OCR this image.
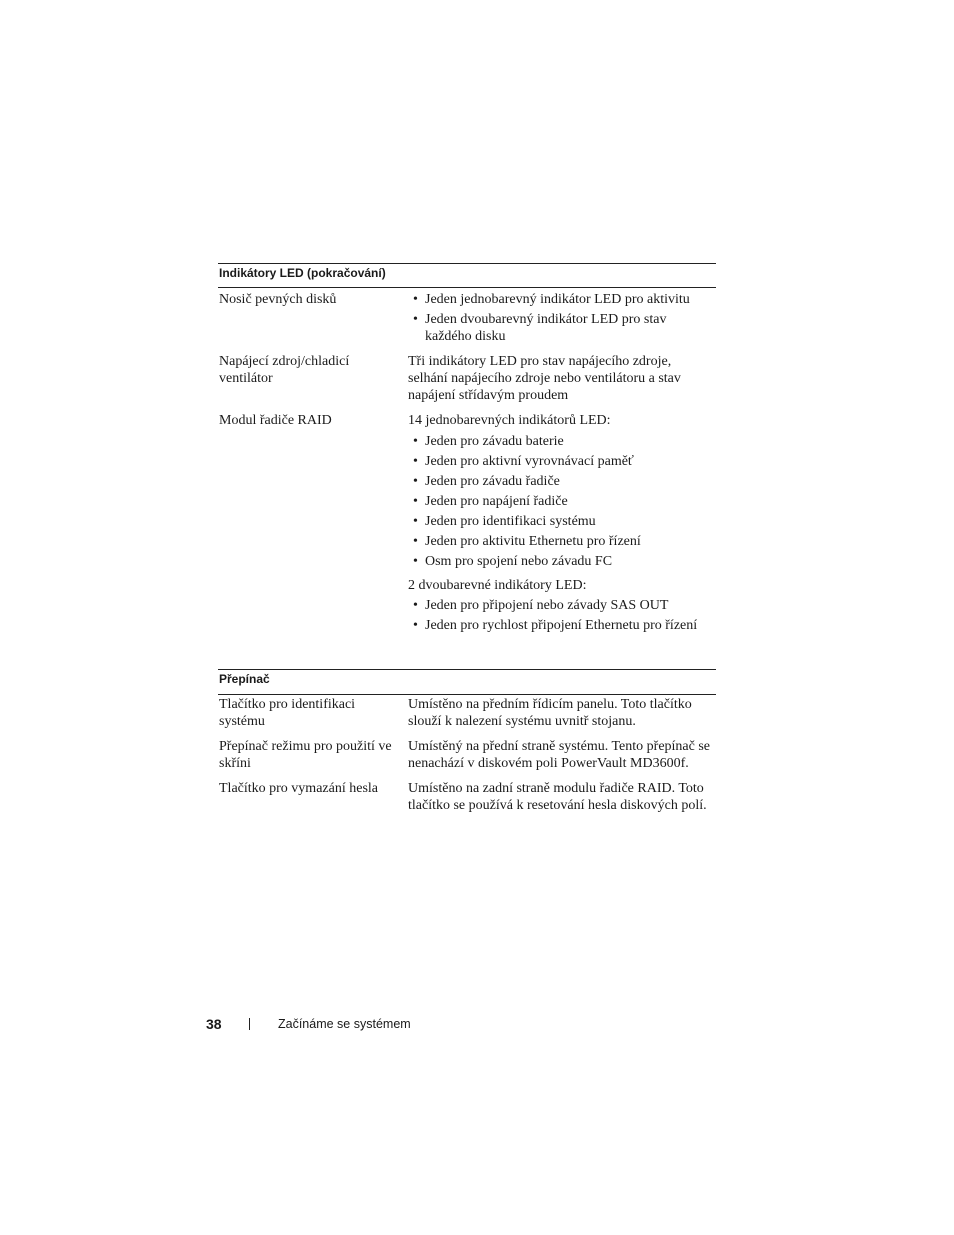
Indikátory LED (pokračování)
Nosič pevných disků
•	Jeden jednobarevný indikátor LED pro aktivitu
• Jeden dvoubarevný indikátor LED pro stav každého disku
Napájecí zdroj/chladicí ventilátor
Tři indikátory LED pro stav napájecího zdroje, selhání napájecího zdroje nebo ventilátoru a stav napájení střídavým proudem
Modul řadiče RAID	14 jednobarevných indikátorů LED:
• Jeden pro závadu baterie
• Jeden pro aktivní vyrovnávací paměť
• Jeden pro závadu řadiče
• Jeden pro napájení řadiče
• Jeden pro identifikaci systému
• Jeden pro aktivitu Ethernetu pro řízení
• Osm pro spojení nebo závadu FC
2 dvoubarevné indikátory LED:
• Jeden pro připojení nebo závady SAS OUT
• Jeden pro rychlost připojení Ethernetu pro řízení
Přepínač
Tlačítko pro identifikaci systému
Umístěno na předním řídicím panelu. Toto tlačítko slouží k nalezení systému uvnitř stojanu.
Přepínač režimu pro použití ve skříni
Umístěný na přední straně systému. Tento přepínač se nenachází v diskovém poli PowerVault MD3600f.
Tlačítko pro vymazání hesla	Umístěno na zadní straně modulu řadiče RAID. Toto tlačítko se používá k resetování hesla diskových polí.
38	Začínáme se systémem
